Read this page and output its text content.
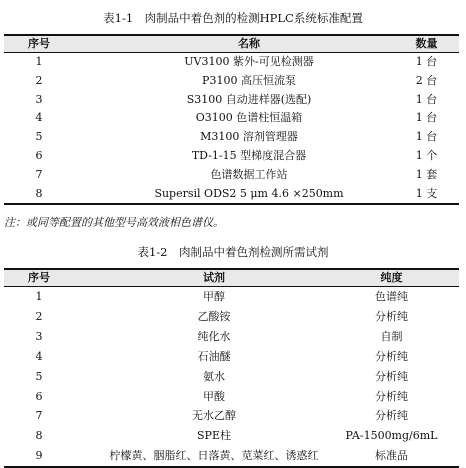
表1-1　肉制品中着色剂的检测HPLC系统标准配置
序号	名称	数量
1	UV3100 紫外-可见检测器	1 台
2	P3100 高压恒流泵	2 台
3	S3100 自动进样器(选配)	1 台
4	O3100 色谱柱恒温箱	1 台
5	M3100 溶剂管理器	1 台
6	TD-1-15 型梯度混合器	1 个
7	色谱数据工作站	1 套
8	Supersil ODS2 5 μm 4.6 ×250mm	1 支
注：或同等配置的其他型号高效液相色谱仪。
表1-2　肉制品中着色剂检测所需试剂
序号	试剂	纯度
1	甲醇	色谱纯
2	乙酸铵	分析纯
3	纯化水	自制
4	石油醚	分析纯
5	氨水	分析纯
6	甲酸	分析纯
7	无水乙醇	分析纯
8	SPE柱	PA-1500mg/6mL
9	柠檬黄、胭脂红、日落黄、苋菜红、诱惑红	标准品
